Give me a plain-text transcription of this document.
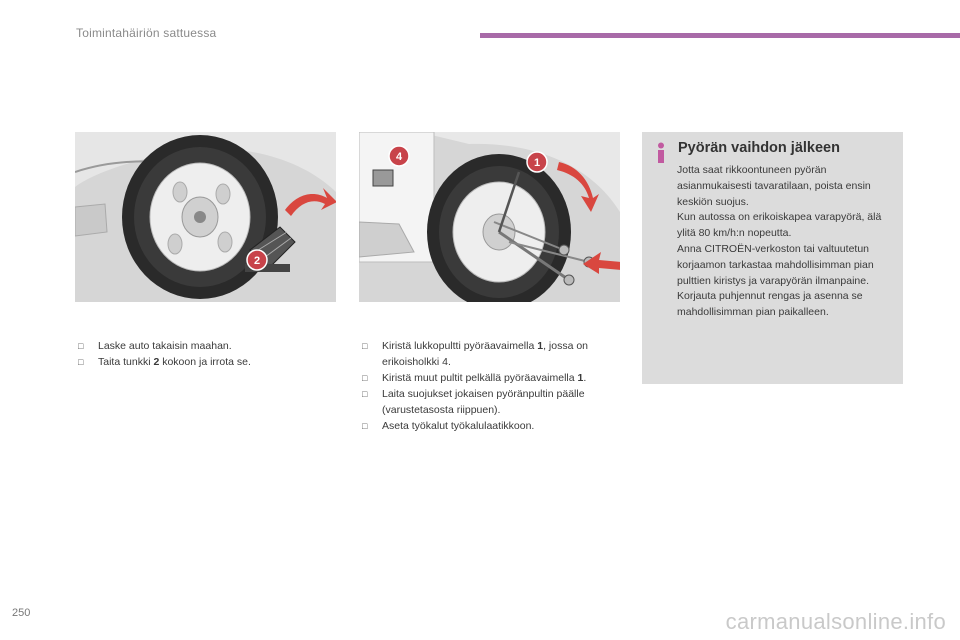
Toimintahäiriön sattuessa
2
4	1
□ Laske auto takaisin maahan.
□ Taita tunkki 2 kokoon ja irrota se.
□ Kiristä lukkopultti pyöräavaimella 1, jossa on erikoisholkki 4.
□ Kiristä muut pultit pelkällä pyöräavaimella 1.
□ Laita suojukset jokaisen pyöränpultin päälle (varustetasosta riippuen).
□ Aseta työkalut työkalulaatikkoon.
Pyörän vaihdon jälkeen

Jotta saat rikkoontuneen pyörän asianmukaisesti tavaratilaan, poista ensin keskiön suojus.

Kun autossa on erikoiskapea varapyörä, älä ylitä 80 km/h:n nopeutta.

Anna CITROËN-verkoston tai valtuutetun korjaamon tarkastaa mahdollisimman pian pulttien kiristys ja varapyörän ilmanpaine.

Korjauta puhjennut rengas ja asenna se mahdollisimman pian paikalleen.

250	carmanualsonline.info
